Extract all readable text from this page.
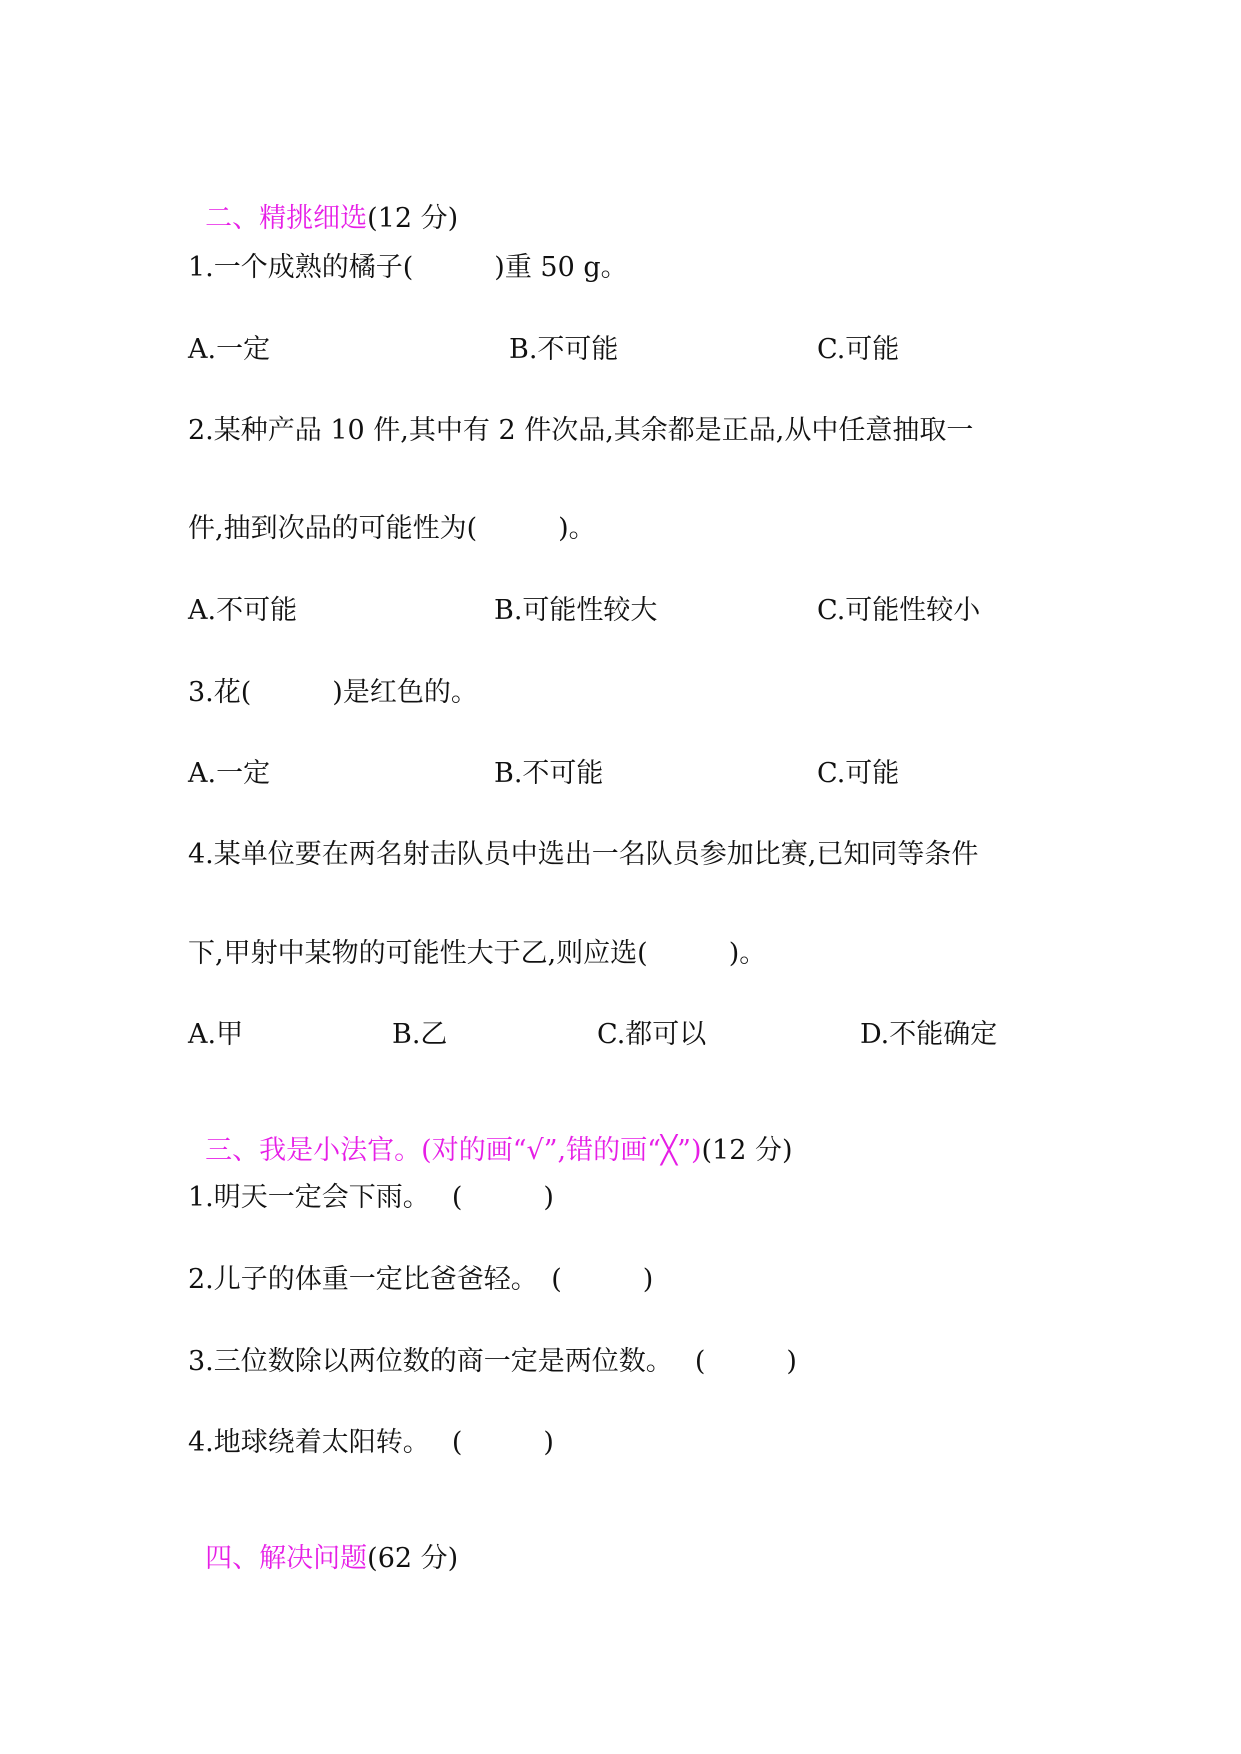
二、精挑细选(12 分)

1.一个成熟的橘子(　　　)重 50 g。
A.一定	B.不可能	C.可能
2.某种产品 10 件,其中有 2 件次品,其余都是正品,从中任意抽取一
件,抽到次品的可能性为(　　　)。
A.不可能	B.可能性较大	C.可能性较小
3.花(　　　)是红色的。
A.一定	B.不可能	C.可能
4.某单位要在两名射击队员中选出一名队员参加比赛,已知同等条件
下,甲射中某物的可能性大于乙,则应选(　　　)。
A.甲	B.乙	C.都可以	D.不能确定

三、我是小法官。(对的画“√”,错的画“╳”)(12 分)

1.明天一定会下雨。　 (　　　)
2.儿子的体重一定比爸爸轻。　(　　　)
3.三位数除以两位数的商一定是两位数。　 (　　　)
4.地球绕着太阳转。　 (　　　)

四、解决问题(62 分)
